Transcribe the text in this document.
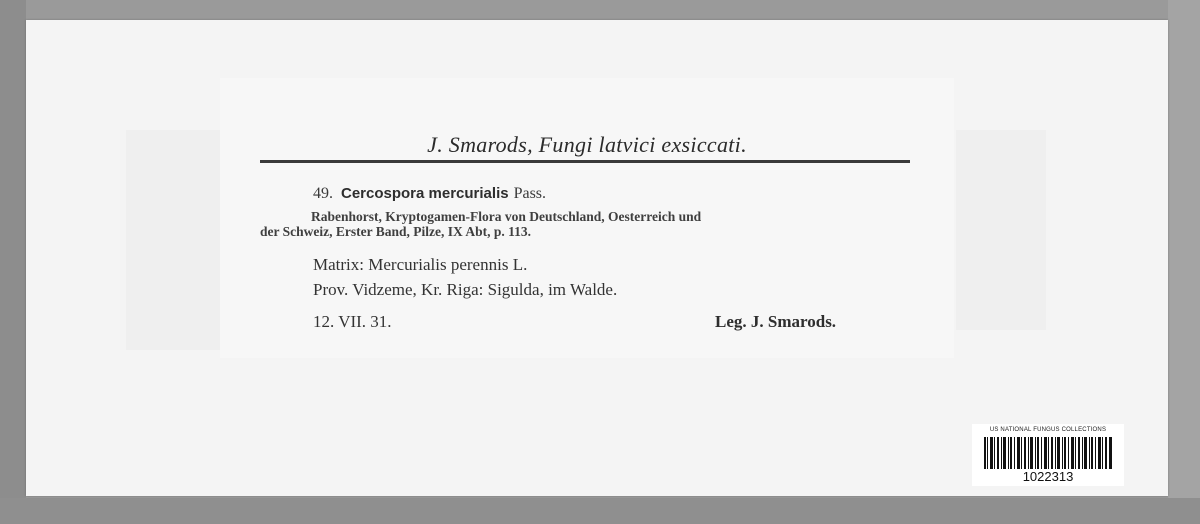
J. Smarods, Fungi latvici exsiccati.
49. Cercospora mercurialis Pass.
Rabenhorst, Kryptogamen-Flora von Deutschland, Oesterreich und
der Schweiz, Erster Band, Pilze, IX Abt, p. 113.
Matrix: Mercurialis perennis L.
Prov. Vidzeme, Kr. Riga: Sigulda, im Walde.
12. VII. 31.	Leg. J. Smarods.
US NATIONAL FUNGUS COLLECTIONS
1022313
